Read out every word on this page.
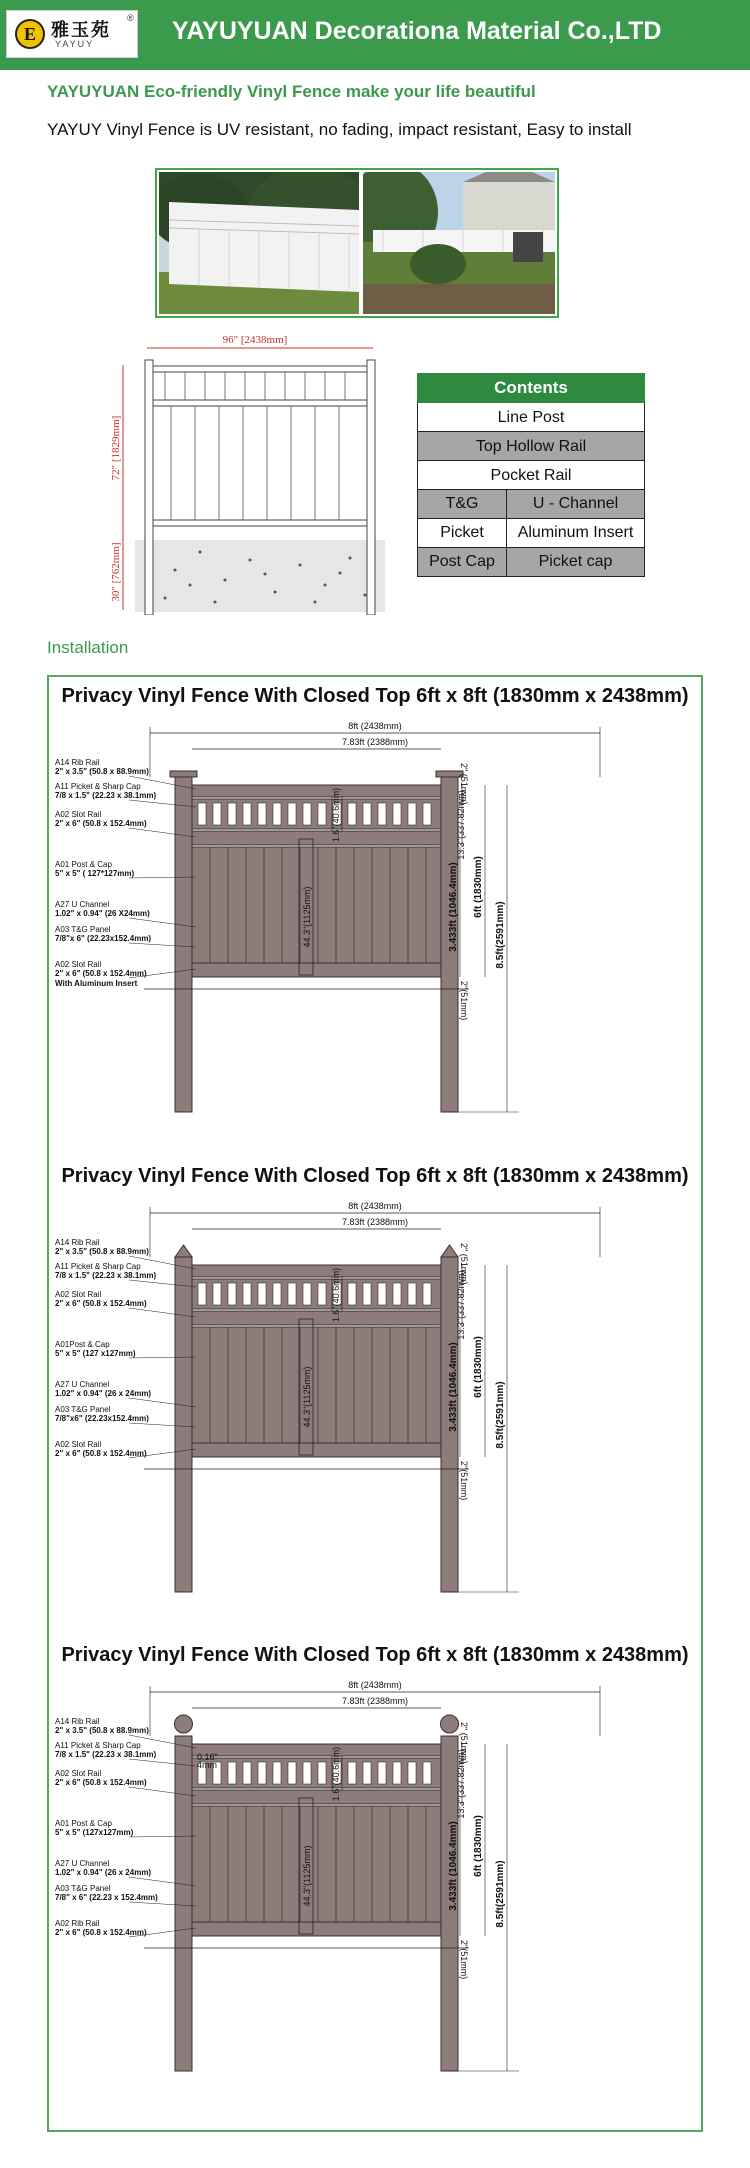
E 雅玉苑
YAYUY
® YAYUYUAN Decorationa Material Co.,LTD
YAYUYUAN Eco-friendly Vinyl Fence make your life beautiful
YAYUY Vinyl Fence is UV resistant, no fading, impact resistant, Easy to install
96" [2438mm]
72" [1829mm]
30" [762mm]
Contents
Line Post
Top Hollow Rail
Pocket Rail
T&G	U - Channel
Picket	Aluminum Insert
Post Cap	Picket cap
Installation
Privacy Vinyl Fence With Closed Top 6ft x 8ft (1830mm x 2438mm)
8ft (2438mm)
7.83ft (2388mm)
44.3"(1125mm)
1.6"(40.6mm)
2" (51mm)
13.3"(337.82mm)
3.433ft (1046.4mm) 6ft (1830mm)
8.5ft(2591mm)
2"(51mm)
A14 Rib Rail
2" x 3.5" (50.8 x 88.9mm)
A11 Picket & Sharp Cap
7/8 x 1.5" (22.23 x 38.1mm)
A02 Slot Rail
2" x 6" (50.8 x 152.4mm)
A01 Post & Cap
5" x 5" ( 127*127mm)
A27 U Channel
1.02" x 0.94" (26 X24mm)
A03 T&G Panel
7/8"x 6" (22.23x152.4mm)
A02 Slot Rail
2" x 6" (50.8 x 152.4mm)
With Aluminum Insert
Privacy Vinyl Fence With Closed Top 6ft x 8ft (1830mm x 2438mm)
8ft (2438mm)
7.83ft (2388mm)
44.3"(1125mm)
1.6"(40.6mm)
2" (51mm)
13.3"(337.82mm)
3.433ft (1046.4mm) 6ft (1830mm)
8.5ft(2591mm)
2"(51mm)
A14 Rib Rail
2" x 3.5" (50.8 x 88.9mm)
A11 Picket & Sharp Cap
7/8 x 1.5" (22.23 x 38.1mm)
A02 Slot Rail
2" x 6" (50.8 x 152.4mm)
A01Post & Cap
5" x 5" (127 x127mm)
A27 U Channel
1.02" x 0.94" (26 x 24mm)
A03 T&G Panel
7/8"x6" (22.23x152.4mm)
A02 Slot Rail
2" x 6" (50.8 x 152.4mm)
Privacy Vinyl Fence With Closed Top 6ft x 8ft (1830mm x 2438mm)
8ft (2438mm)
7.83ft (2388mm)
44.3"(1125mm)
1.6"(40.6mm)
0.16"
4mm
2" (51mm)
13.3"(337.82mm)
3.433ft (1046.4mm) 6ft (1830mm)
8.5ft(2591mm)
2"(51mm)
A14 Rib Rail
2" x 3.5" (50.8 x 88.9mm)
A11 Picket & Sharp Cap
7/8 x 1.5" (22.23 x 38.1mm)
A02 Slot Rail
2" x 6" (50.8 x 152.4mm)
A01 Post & Cap
5" x 5" (127x127mm)
A27 U Channel
1.02" x 0.94" (26 x 24mm)
A03 T&G Panel
7/8" x 6" (22.23 x 152.4mm)
A02 Rib Rail
2" x 6" (50.8 x 152.4mm)
